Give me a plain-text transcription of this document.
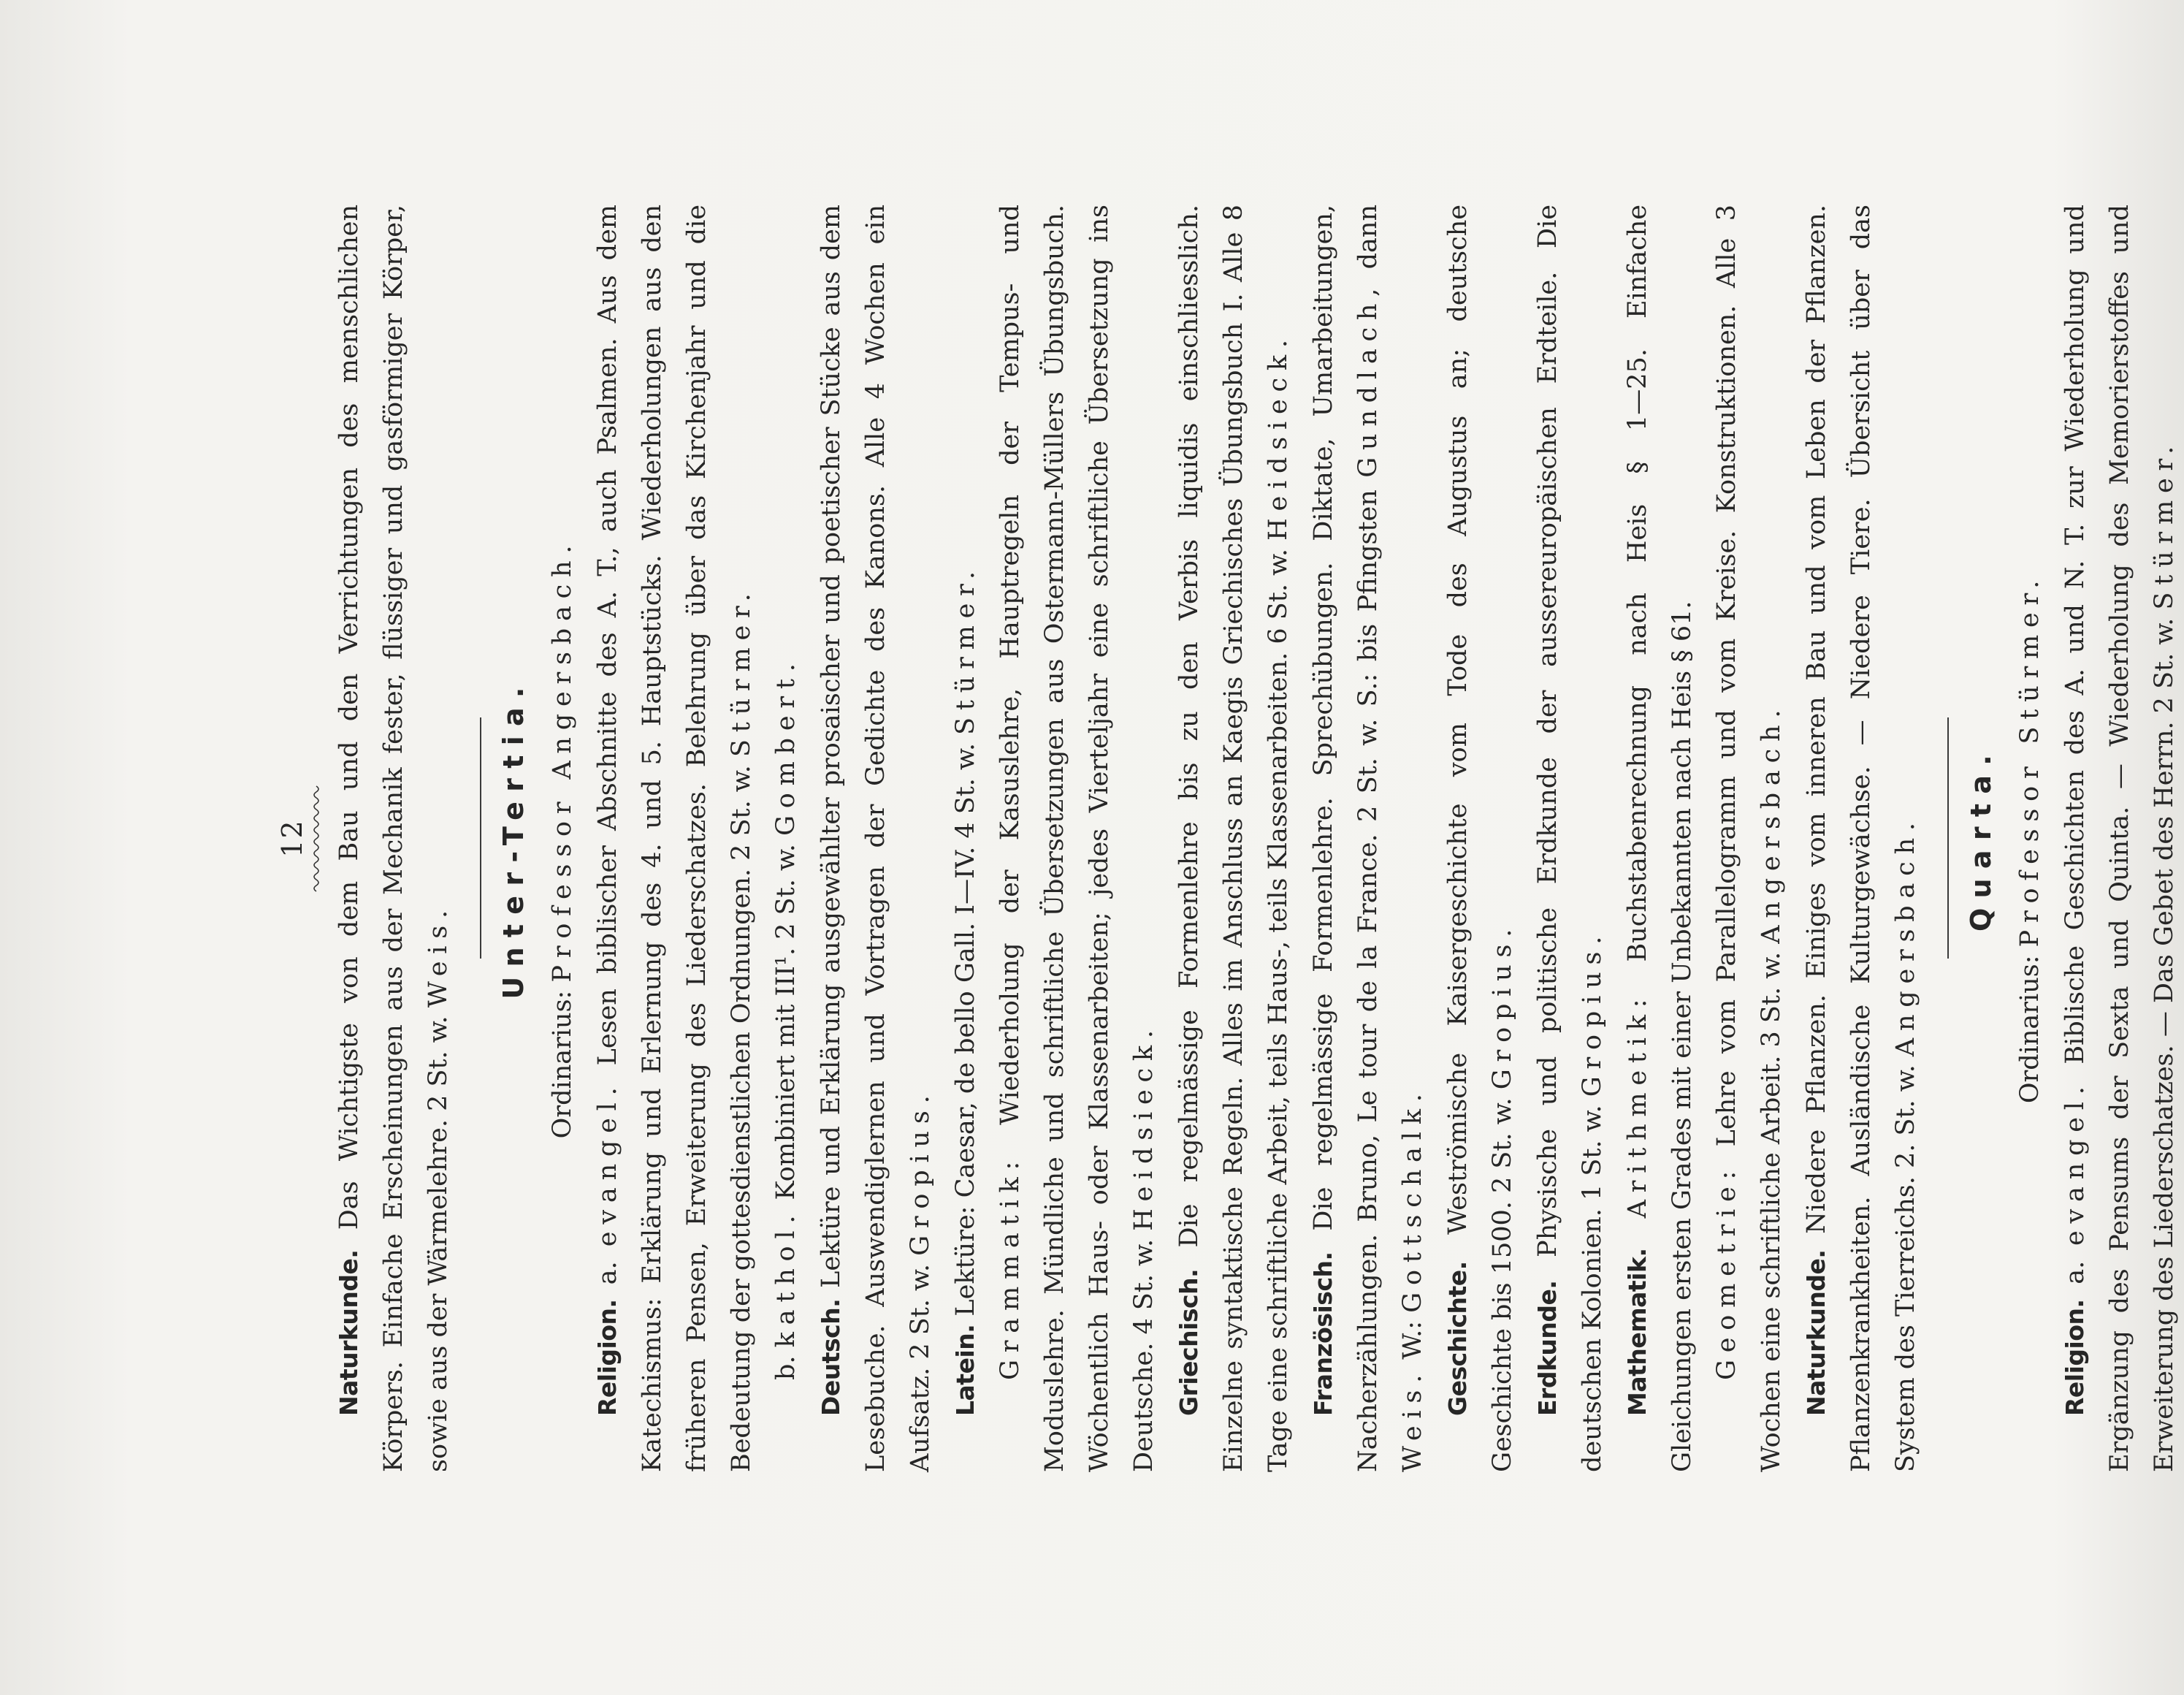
12

Naturkunde. Das Wichtigste von dem Bau und den Verrichtungen des menschlichen Körpers. Einfache Erscheinungen aus der Mechanik fester, flüssiger und gasförmiger Körper, sowie aus der Wärmelehre. 2 St. w. Weis. Unter-Tertia.

Ordinarius: Professor Angersbach.

Religion. a. evangel. Lesen biblischer Abschnitte des A. T., auch Psalmen. Aus dem Katechismus: Erklärung und Erlernung des 4. und 5. Hauptstücks. Wiederholungen aus den früheren Pensen, Erweiterung des Liederschatzes. Belehrung über das Kirchenjahr und die Bedeutung der gottesdienstlichen Ordnungen. 2 St. w. Stürmer.

b. kathol. Kombiniert mit III¹. 2 St. w. Gombert.

Deutsch. Lektüre und Erklärung ausgewählter prosaischer und poetischer Stücke aus dem Lesebuche. Auswendiglernen und Vortragen der Gedichte des Kanons. Alle 4 Wochen ein Aufsatz. 2 St. w. Gropius.

Latein. Lektüre: Caesar, de bello Gall. I—IV. 4 St. w. Stürmer.

Grammatik: Wiederholung der Kasuslehre, Hauptregeln der Tempus- und Moduslehre. Mündliche und schriftliche Übersetzungen aus Ostermann-Müllers Übungsbuch. Wöchentlich Haus- oder Klassenarbeiten; jedes Vierteljahr eine schriftliche Übersetzung ins Deutsche. 4 St. w. Heidsieck.

Griechisch. Die regelmässige Formenlehre bis zu den Verbis liquidis einschliesslich. Einzelne syntaktische Regeln. Alles im Anschluss an Kaegis Griechisches Übungsbuch I. Alle 8 Tage eine schriftliche Arbeit, teils Haus-, teils Klassenarbeiten. 6 St. w. Heidsieck.

Französisch. Die regelmässige Formenlehre. Sprechübungen. Diktate, Umarbeitungen, Nacherzählungen. Bruno, Le tour de la France. 2 St. w. S.: bis Pfingsten Gundlach, dann Weis. W.: Gottschalk.

Geschichte. Weströmische Kaisergeschichte vom Tode des Augustus an; deutsche Geschichte bis 1500. 2 St. w. Gropius.

Erdkunde. Physische und politische Erdkunde der aussereuropäischen Erdteile. Die deutschen Kolonien. 1 St. w. Gropius.

Mathematik. Arithmetik: Buchstabenrechnung nach Heis § 1—25. Einfache Gleichungen ersten Grades mit einer Unbekannten nach Heis § 61. Geometrie: Lehre vom Parallelogramm und vom Kreise. Konstruktionen. Alle 3 Wochen eine schriftliche Arbeit. 3 St. w. Angersbach.

Naturkunde. Niedere Pflanzen. Einiges vom inneren Bau und vom Leben der Pflanzen. Pflanzenkrankheiten. Ausländische Kulturgewächse. — Niedere Tiere. Übersicht über das System des Tierreichs. 2. St. w. Angersbach. Quarta.

Ordinarius: Professor Stürmer.

Religion. a. evangel. Biblische Geschichten des A. und N. T. zur Wiederholung und Ergänzung des Pensums der Sexta und Quinta. — Wiederholung des Memorierstoffes und Erweiterung des Liederschatzes. — Das Gebet des Herrn. 2 St. w. Stürmer.
